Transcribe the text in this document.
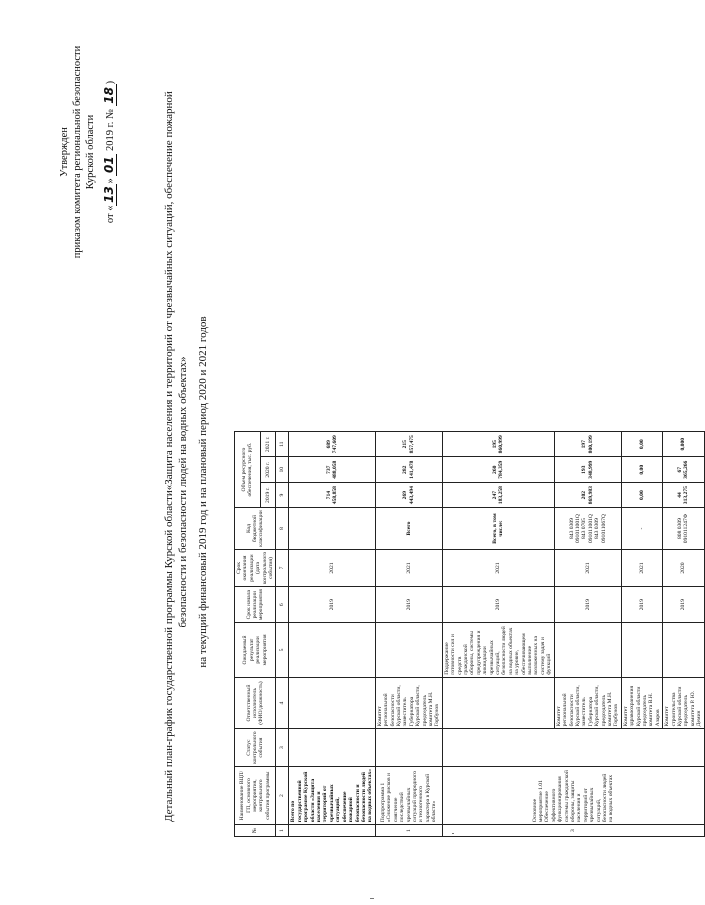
Утвержден приказом комитета региональной безопасности Курской области
от «13» 01 2019 г. № 18)
Детальный план-график государственной программы Курской области«Защита населения и территорий от чрезвычайных ситуаций, обеспечение пожарной безопасности и безопасности людей на водных объектах» на текущий финансовый 2019 год и на плановый период 2020 и 2021 годов
№	Наименование ВЦП/ГП, основного мероприятия, контрольного события программы	Статус контрольного события	Ответственный исполнитель (ФИО/должность)	Ожидаемый результат реализации мероприятия	Срок начала реализации мероприятия	Срок окончания реализации (дата контрольного события)	Код бюджетной классификации	Объем ресурсного обеспечения, тыс. руб.		
								2019 г.	2020 г.	2021 г.
1	2	3	4	5	6	7	8	9	10	11
	Всего по государственной программе Курской области «Защита населения и территорий от чрезвычайных ситуаций, обеспечение пожарной безопасности и безопасности людей на водных объектах»				2019	2021		714 458,858	737 488,058	689 747,609
1	Подпрограмма 1 «Снижение рисков и смягчение последствий чрезвычайных ситуаций природного и техногенного характера в Курской области»		Комитет региональной безопасности Курской области, заместитель Губернатора Курской области, председатель комитета М.Н. Горбунов		2019	2021	Всего	269 443,494	282 141,478	215 857,475
3	Основное мероприятие 1.01 Обеспечение эффективного функционирования системы гражданской обороны, защиты населения и территорий от чрезвычайных ситуаций, безопасности людей на водных объектах			Поддержание готовности сил и средств гражданской обороны, системы предупреждения и ликвидации чрезвычайных ситуаций, безопасности людей на водных объектах на уровне, обеспечивающем выполнение возложенных на систему задач и функций	2019	2021	Всего, в том числе:	247 183,258	260 784,359	195 860,999
			Комитет региональной безопасности Курской области, заместитель Губернатора Курской области, председатель комитета М.Н. Горбунов		2019	2021	843 0309 091011001Q 843 0705 091011001Q 843 0309 091011067Q	202 869,983	193 348,999	197 800,199
			Комитет здравоохранения Курской области председатель комитета В.Н. Азаров		2019	2021	-	0,00	0,00	0,00
			Комитет строительства Курской области председатель комитета Р. Ю. Демин		2019	2020	808 0309 091011247Ф	44 313,275	67 365,266	0,000
